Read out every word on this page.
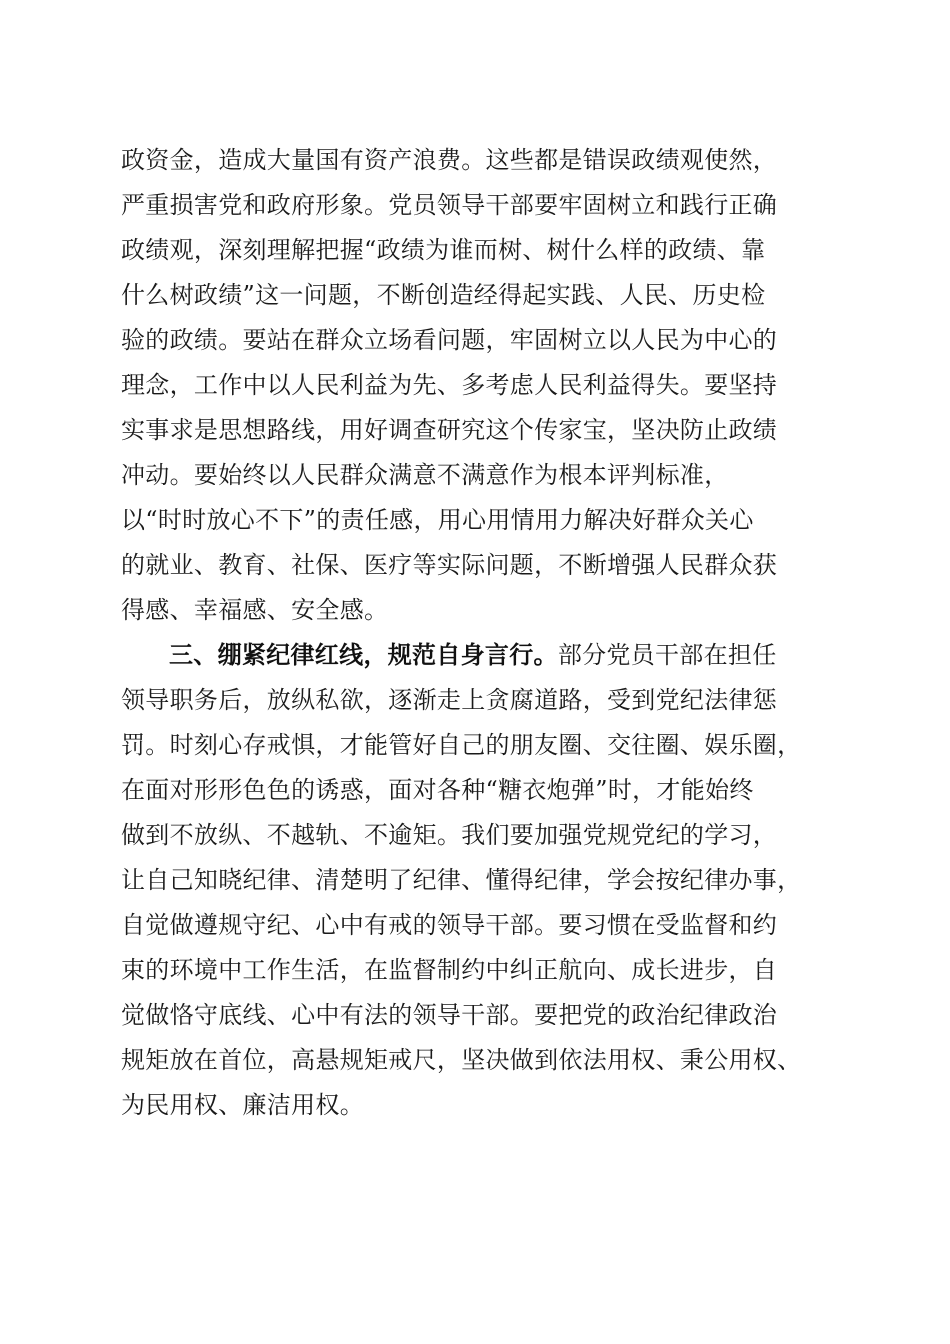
政资金，造成大量国有资产浪费。这些都是错误政绩观使然，
严重损害党和政府形象。党员领导干部要牢固树立和践行正确
政绩观，深刻理解把握“政绩为谁而树、树什么样的政绩、靠
什么树政绩”这一问题，不断创造经得起实践、人民、历史检
验的政绩。要站在群众立场看问题，牢固树立以人民为中心的
理念，工作中以人民利益为先、多考虑人民利益得失。要坚持
实事求是思想路线，用好调查研究这个传家宝，坚决防止政绩
冲动。要始终以人民群众满意不满意作为根本评判标准，
以“时时放心不下”的责任感，用心用情用力解决好群众关心
的就业、教育、社保、医疗等实际问题，不断增强人民群众获
得感、幸福感、安全感。
三、绷紧纪律红线，规范自身言行。部分党员干部在担任
领导职务后，放纵私欲，逐渐走上贪腐道路，受到党纪法律惩
罚。时刻心存戒惧，才能管好自己的朋友圈、交往圈、娱乐圈，
在面对形形色色的诱惑，面对各种“糖衣炮弹”时，才能始终
做到不放纵、不越轨、不逾矩。我们要加强党规党纪的学习，
让自己知晓纪律、清楚明了纪律、懂得纪律，学会按纪律办事，
自觉做遵规守纪、心中有戒的领导干部。要习惯在受监督和约
束的环境中工作生活，在监督制约中纠正航向、成长进步，自
觉做恪守底线、心中有法的领导干部。要把党的政治纪律政治
规矩放在首位，高悬规矩戒尺，坚决做到依法用权、秉公用权、
为民用权、廉洁用权。
